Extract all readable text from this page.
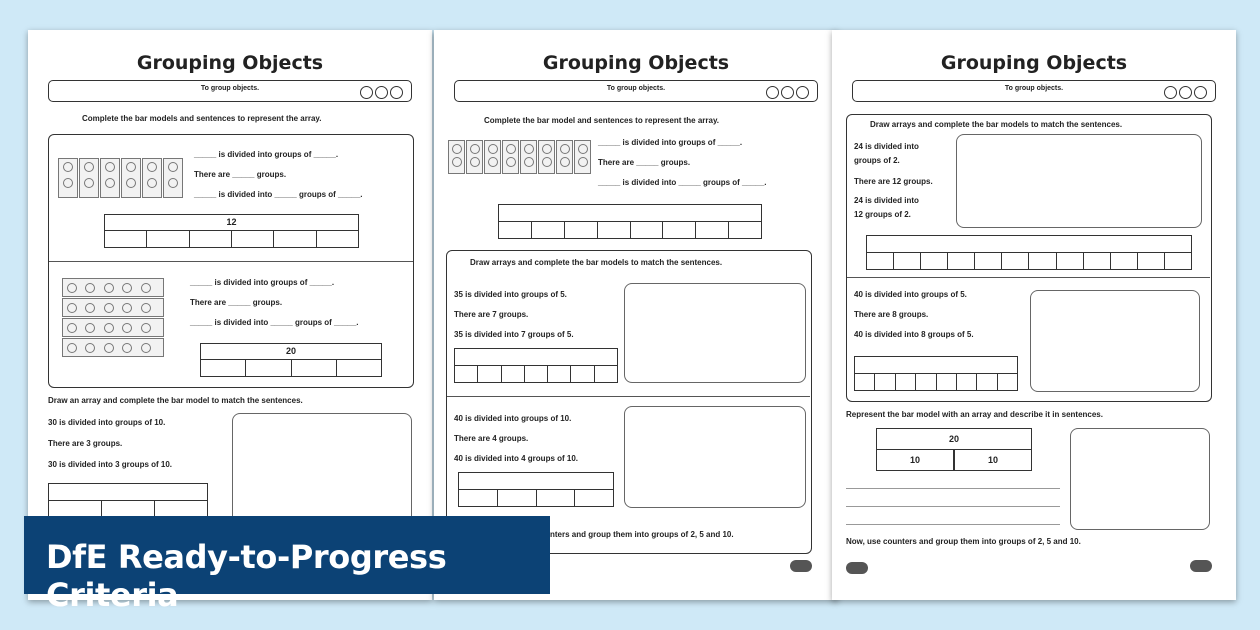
Grouping Objects
To group objects.
Complete the bar models and sentences to represent the array.
_____ is divided into groups of _____.
There are _____ groups.
_____ is divided into _____ groups of _____.
12
_____ is divided into groups of _____.
There are _____ groups.
_____ is divided into _____ groups of _____.
20
Draw an array and complete the bar model to match the sentences.
30 is divided into groups of 10.
There are 3 groups.
30 is divided into 3 groups of 10.
Grouping Objects
To group objects.
Complete the bar model and sentences to represent the array.
_____ is divided into groups of _____.
There are _____ groups.
_____ is divided into _____ groups of _____.
Draw arrays and complete the bar models to match the sentences.
35 is divided into groups of 5.
There are 7 groups.
35 is divided into 7 groups of 5.
40 is divided into groups of 10.
There are 4 groups.
40 is divided into 4 groups of 10.
nters and group them into groups of 2, 5 and 10.
Grouping Objects
To group objects.
Draw arrays and complete the bar models to match the sentences.
24 is divided into
groups of 2.
There are 12 groups.
24 is divided into
12 groups of 2.
40 is divided into groups of 5.
There are 8 groups.
40 is divided into 8 groups of 5.
Represent the bar model with an array and describe it in sentences.
20
10	10
Now, use counters and group them into groups of 2, 5 and 10.
DfE Ready-to-Progress Criteria
